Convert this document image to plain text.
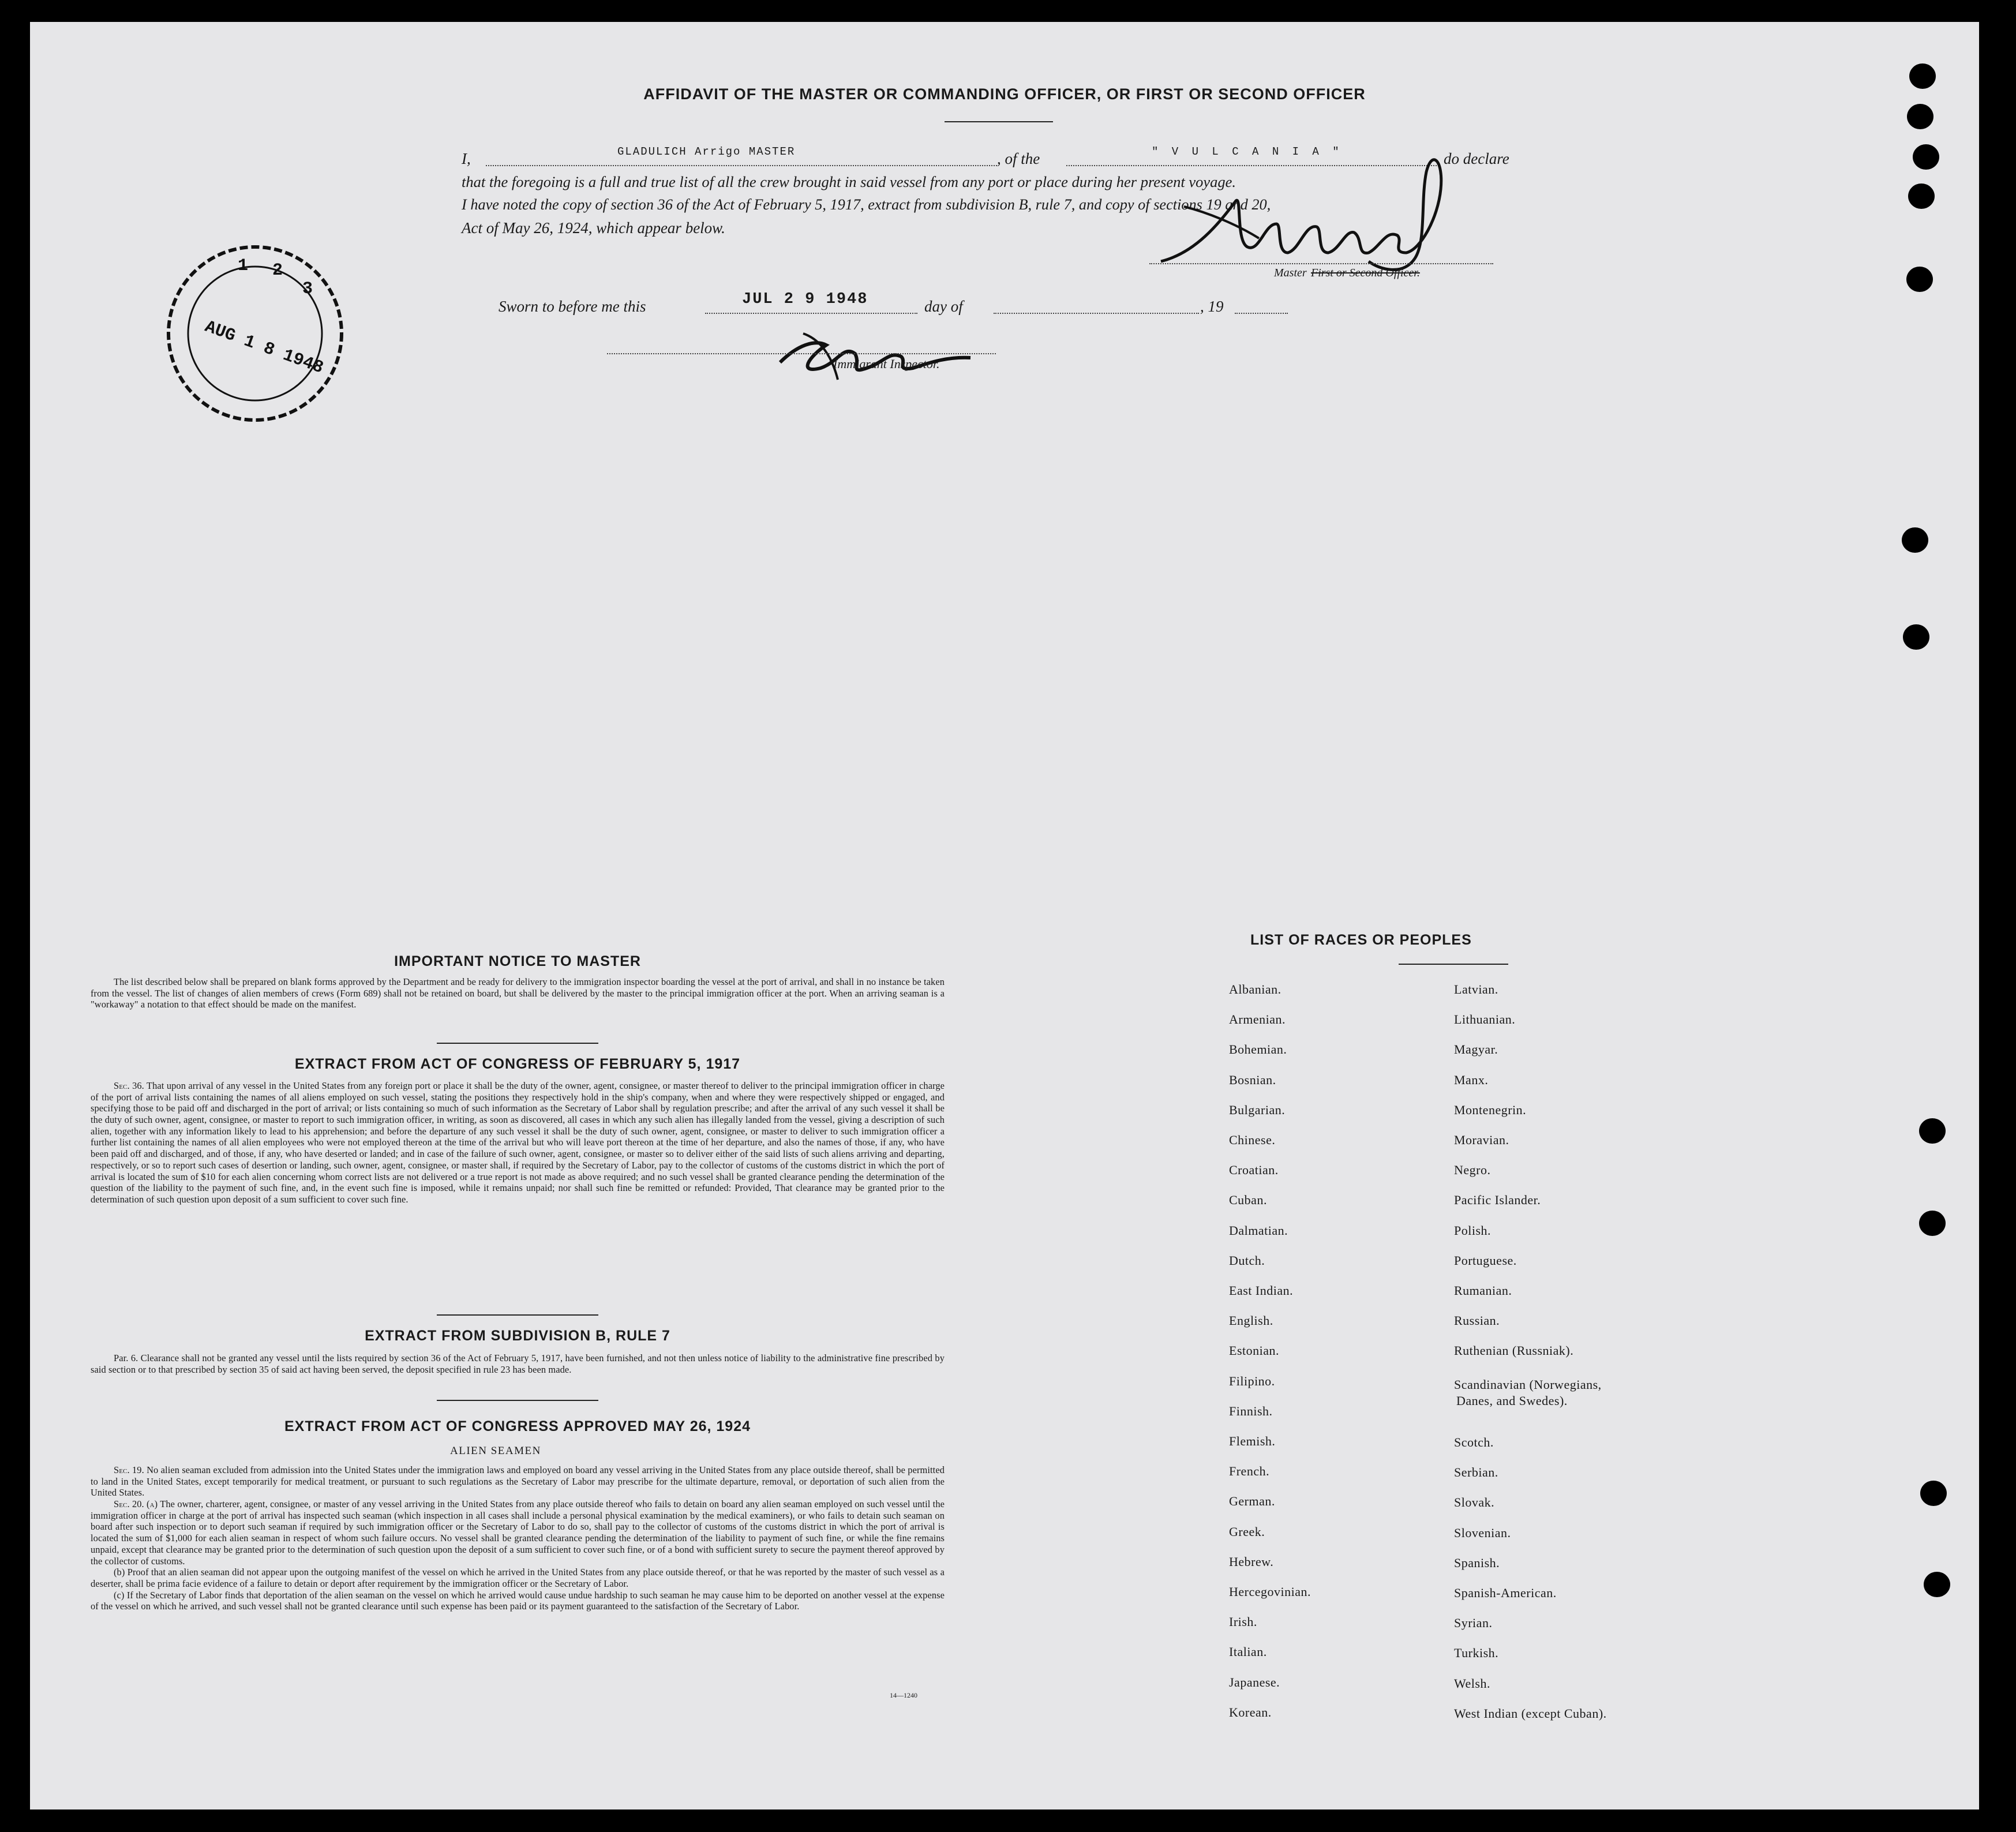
AFFIDAVIT OF THE MASTER OR COMMANDING OFFICER, OR FIRST OR SECOND OFFICER
I,	GLADULICH Arrigo MASTER	, of the	" V U L C A N I A "	do declare
that the foregoing is a full and true list of all the crew brought in said vessel from any port or place during her present voyage.
I have noted the copy of section 36 of the Act of February 5, 1917, extract from subdivision B, rule 7, and copy of sections 19 and 20,
Act of May 26, 1924, which appear below.
Master First or Second Officer.
Sworn to before me this	JUL 2 9 1948	day of	, 19
Immigrant Inspector.
1 2
3
AUG 1 8 1948
IMPORTANT NOTICE TO MASTER
The list described below shall be prepared on blank forms approved by the Department and be ready for delivery to the immigration inspector boarding the vessel at the port of arrival, and shall in no instance be taken from the vessel. The list of changes of alien members of crews (Form 689) shall not be retained on board, but shall be delivered by the master to the principal immigration officer at the port. When an arriving seaman is a "workaway" a notation to that effect should be made on the manifest.
EXTRACT FROM ACT OF CONGRESS OF FEBRUARY 5, 1917
Sec. 36. That upon arrival of any vessel in the United States from any foreign port or place it shall be the duty of the owner, agent, consignee, or master thereof to deliver to the principal immigration officer in charge of the port of arrival lists containing the names of all aliens employed on such vessel, stating the positions they respectively hold in the ship's company, when and where they were respectively shipped or engaged, and specifying those to be paid off and discharged in the port of arrival; or lists containing so much of such information as the Secretary of Labor shall by regulation prescribe; and after the arrival of any such vessel it shall be the duty of such owner, agent, consignee, or master to report to such immigration officer, in writing, as soon as discovered, all cases in which any such alien has illegally landed from the vessel, giving a description of such alien, together with any information likely to lead to his apprehension; and before the departure of any such vessel it shall be the duty of such owner, agent, consignee, or master to deliver to such immigration officer a further list containing the names of all alien employees who were not employed thereon at the time of the arrival but who will leave port thereon at the time of her departure, and also the names of those, if any, who have been paid off and discharged, and of those, if any, who have deserted or landed; and in case of the failure of such owner, agent, consignee, or master so to deliver either of the said lists of such aliens arriving and departing, respectively, or so to report such cases of desertion or landing, such owner, agent, consignee, or master shall, if required by the Secretary of Labor, pay to the collector of customs of the customs district in which the port of arrival is located the sum of $10 for each alien concerning whom correct lists are not delivered or a true report is not made as above required; and no such vessel shall be granted clearance pending the determination of the question of the liability to the payment of such fine, and, in the event such fine is imposed, while it remains unpaid; nor shall such fine be remitted or refunded: Provided, That clearance may be granted prior to the determination of such question upon deposit of a sum sufficient to cover such fine.
EXTRACT FROM SUBDIVISION B, RULE 7
Par. 6. Clearance shall not be granted any vessel until the lists required by section 36 of the Act of February 5, 1917, have been furnished, and not then unless notice of liability to the administrative fine prescribed by said section or to that prescribed by section 35 of said act having been served, the deposit specified in rule 23 has been made.
EXTRACT FROM ACT OF CONGRESS APPROVED MAY 26, 1924
ALIEN SEAMEN
Sec. 19. No alien seaman excluded from admission into the United States under the immigration laws and employed on board any vessel arriving in the United States from any place outside thereof, shall be permitted to land in the United States, except temporarily for medical treatment, or pursuant to such regulations as the Secretary of Labor may prescribe for the ultimate departure, removal, or deportation of such alien from the United States.
Sec. 20. (a) The owner, charterer, agent, consignee, or master of any vessel arriving in the United States from any place outside thereof who fails to detain on board any alien seaman employed on such vessel until the immigration officer in charge at the port of arrival has inspected such seaman (which inspection in all cases shall include a personal physical examination by the medical examiners), or who fails to detain such seaman on board after such inspection or to deport such seaman if required by such immigration officer or the Secretary of Labor to do so, shall pay to the collector of customs of the customs district in which the port of arrival is located the sum of $1,000 for each alien seaman in respect of whom such failure occurs. No vessel shall be granted clearance pending the determination of the liability to payment of such fine, or while the fine remains unpaid, except that clearance may be granted prior to the determination of such question upon the deposit of a sum sufficient to cover such fine, or of a bond with sufficient surety to secure the payment thereof approved by the collector of customs.
(b) Proof that an alien seaman did not appear upon the outgoing manifest of the vessel on which he arrived in the United States from any place outside thereof, or that he was reported by the master of such vessel as a deserter, shall be prima facie evidence of a failure to detain or deport after requirement by the immigration officer or the Secretary of Labor.
(c) If the Secretary of Labor finds that deportation of the alien seaman on the vessel on which he arrived would cause undue hardship to such seaman he may cause him to be deported on another vessel at the expense of the vessel on which he arrived, and such vessel shall not be granted clearance until such expense has been paid or its payment guaranteed to the satisfaction of the Secretary of Labor.
14—1240
LIST OF RACES OR PEOPLES
Albanian.
Armenian.
Bohemian.
Bosnian.
Bulgarian.
Chinese.
Croatian.
Cuban.
Dalmatian.
Dutch.
East Indian.
English.
Estonian.
Filipino.
Finnish.
Flemish.
French.
German.
Greek.
Hebrew.
Hercegovinian.
Irish.
Italian.
Japanese.
Korean.
Latvian.
Lithuanian.
Magyar.
Manx.
Montenegrin.
Moravian.
Negro.
Pacific Islander.
Polish.
Portuguese.
Rumanian.
Russian.
Ruthenian (Russniak).
Scandinavian (Norwegians,
Danes, and Swedes).
Scotch.
Serbian.
Slovak.
Slovenian.
Spanish.
Spanish-American.
Syrian.
Turkish.
Welsh.
West Indian (except Cuban).
